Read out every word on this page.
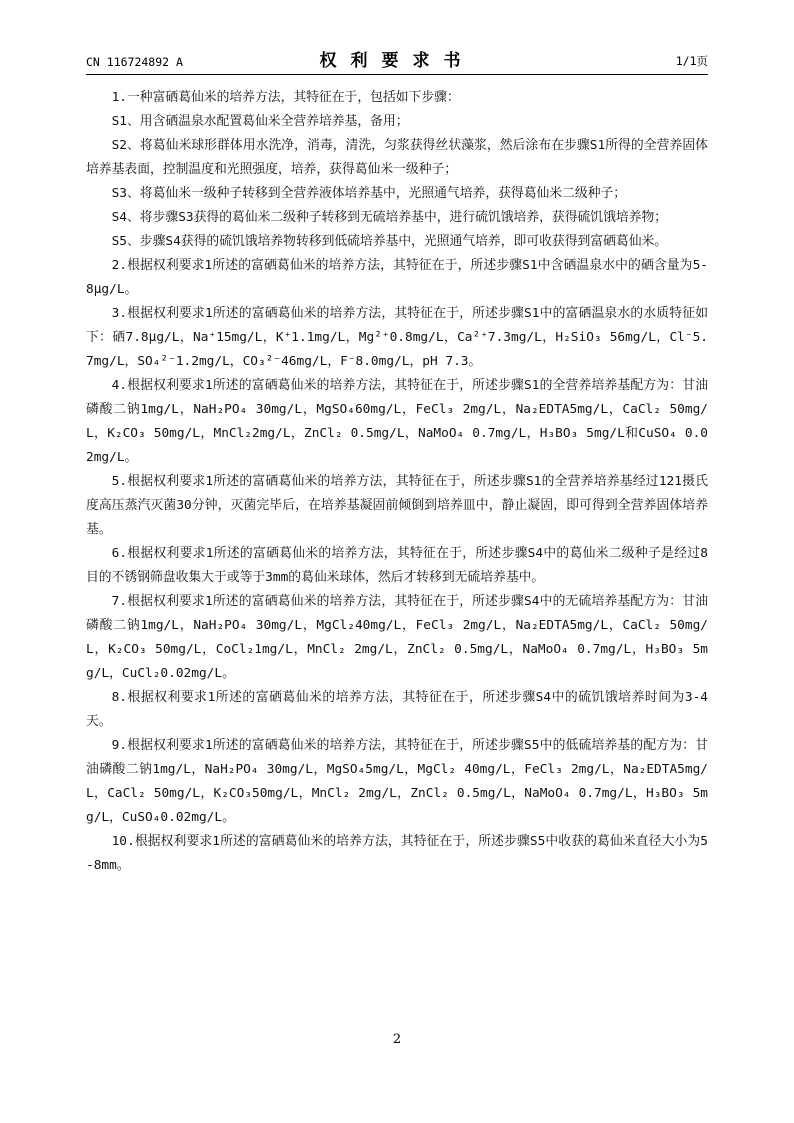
CN 116724892 A	权利要求书	1/1页

1.一种富硒葛仙米的培养方法，其特征在于，包括如下步骤：

S1、用含硒温泉水配置葛仙米全营养培养基，备用；

S2、将葛仙米球形群体用水洗净，消毒，清洗，匀浆获得丝状藻浆，然后涂布在步骤S1所得的全营养固体培养基表面，控制温度和光照强度，培养，获得葛仙米一级种子；

S3、将葛仙米一级种子转移到全营养液体培养基中，光照通气培养，获得葛仙米二级种子；

S4、将步骤S3获得的葛仙米二级种子转移到无硫培养基中，进行硫饥饿培养，获得硫饥饿培养物；

S5、步骤S4获得的硫饥饿培养物转移到低硫培养基中，光照通气培养，即可收获得到富硒葛仙米。

2.根据权利要求1所述的富硒葛仙米的培养方法，其特征在于，所述步骤S1中含硒温泉水中的硒含量为5-8μg/L。

3.根据权利要求1所述的富硒葛仙米的培养方法，其特征在于，所述步骤S1中的富硒温泉水的水质特征如下：硒7.8μg/L，Na⁺15mg/L，K⁺1.1mg/L，Mg²⁺0.8mg/L，Ca²⁺7.3mg/L，H₂SiO₃ 56mg/L，Cl⁻5.7mg/L，SO₄²⁻1.2mg/L，CO₃²⁻46mg/L，F⁻8.0mg/L，pH 7.3。

4.根据权利要求1所述的富硒葛仙米的培养方法，其特征在于，所述步骤S1的全营养培养基配方为：甘油磷酸二钠1mg/L，NaH₂PO₄ 30mg/L，MgSO₄60mg/L，FeCl₃ 2mg/L，Na₂EDTA5mg/L，CaCl₂ 50mg/L，K₂CO₃ 50mg/L，MnCl₂2mg/L，ZnCl₂ 0.5mg/L，NaMoO₄ 0.7mg/L，H₃BO₃ 5mg/L和CuSO₄ 0.02mg/L。

5.根据权利要求1所述的富硒葛仙米的培养方法，其特征在于，所述步骤S1的全营养培养基经过121摄氏度高压蒸汽灭菌30分钟，灭菌完毕后，在培养基凝固前倾倒到培养皿中，静止凝固，即可得到全营养固体培养基。

6.根据权利要求1所述的富硒葛仙米的培养方法，其特征在于，所述步骤S4中的葛仙米二级种子是经过8目的不锈钢筛盘收集大于或等于3mm的葛仙米球体，然后才转移到无硫培养基中。

7.根据权利要求1所述的富硒葛仙米的培养方法，其特征在于，所述步骤S4中的无硫培养基配方为：甘油磷酸二钠1mg/L，NaH₂PO₄ 30mg/L，MgCl₂40mg/L，FeCl₃ 2mg/L，Na₂EDTA5mg/L，CaCl₂ 50mg/L，K₂CO₃ 50mg/L，CoCl₂1mg/L，MnCl₂ 2mg/L，ZnCl₂ 0.5mg/L，NaMoO₄ 0.7mg/L，H₃BO₃ 5mg/L，CuCl₂0.02mg/L。

8.根据权利要求1所述的富硒葛仙米的培养方法，其特征在于，所述步骤S4中的硫饥饿培养时间为3-4天。

9.根据权利要求1所述的富硒葛仙米的培养方法，其特征在于，所述步骤S5中的低硫培养基的配方为：甘油磷酸二钠1mg/L，NaH₂PO₄ 30mg/L，MgSO₄5mg/L，MgCl₂ 40mg/L，FeCl₃ 2mg/L，Na₂EDTA5mg/L，CaCl₂ 50mg/L，K₂CO₃50mg/L，MnCl₂ 2mg/L，ZnCl₂ 0.5mg/L，NaMoO₄ 0.7mg/L，H₃BO₃ 5mg/L，CuSO₄0.02mg/L。

10.根据权利要求1所述的富硒葛仙米的培养方法，其特征在于，所述步骤S5中收获的葛仙米直径大小为5-8mm。

2
